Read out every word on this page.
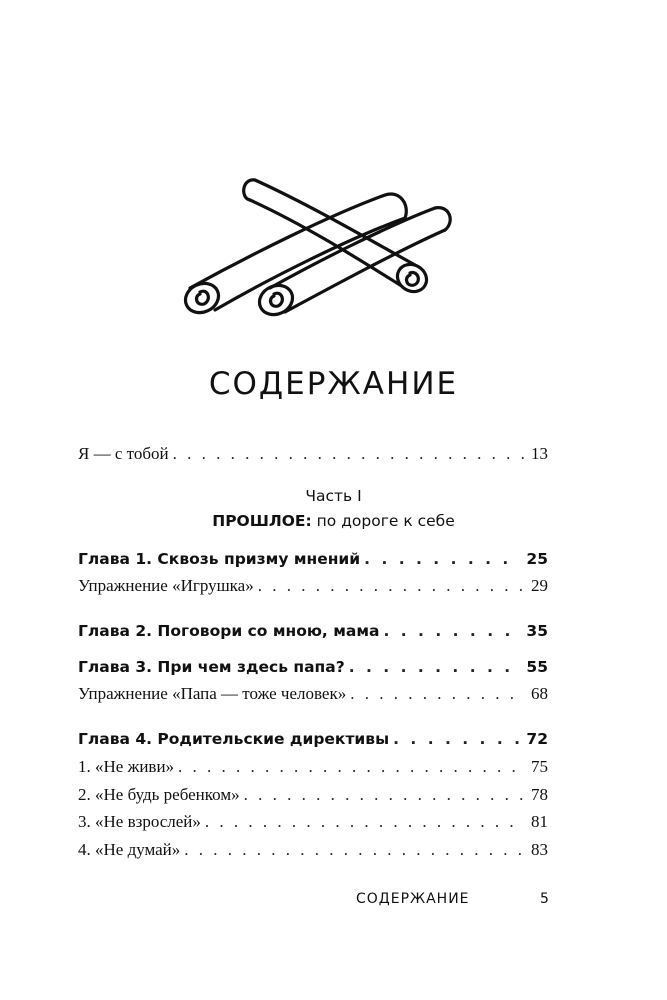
СОДЕРЖАНИЕ
Я — с тобой . . .	13
Часть I
ПРОШЛОЕ: по дороге к себе
Глава 1. Сквозь призму мнений . . .	25
Упражнение «Игрушка» . . .	29
Глава 2. Поговори со мною, мама . . .	35
Глава 3. При чем здесь папа? . . .	55
Упражнение «Папа — тоже человек» . . .	68
Глава 4. Родительские директивы . . .	72
1. «Не живи» . . .	75
2. «Не будь ребенком» . . .	78
3. «Не взрослей» . . .	81
4. «Не думай» . . .	83
СОДЕРЖАНИЕ	5
